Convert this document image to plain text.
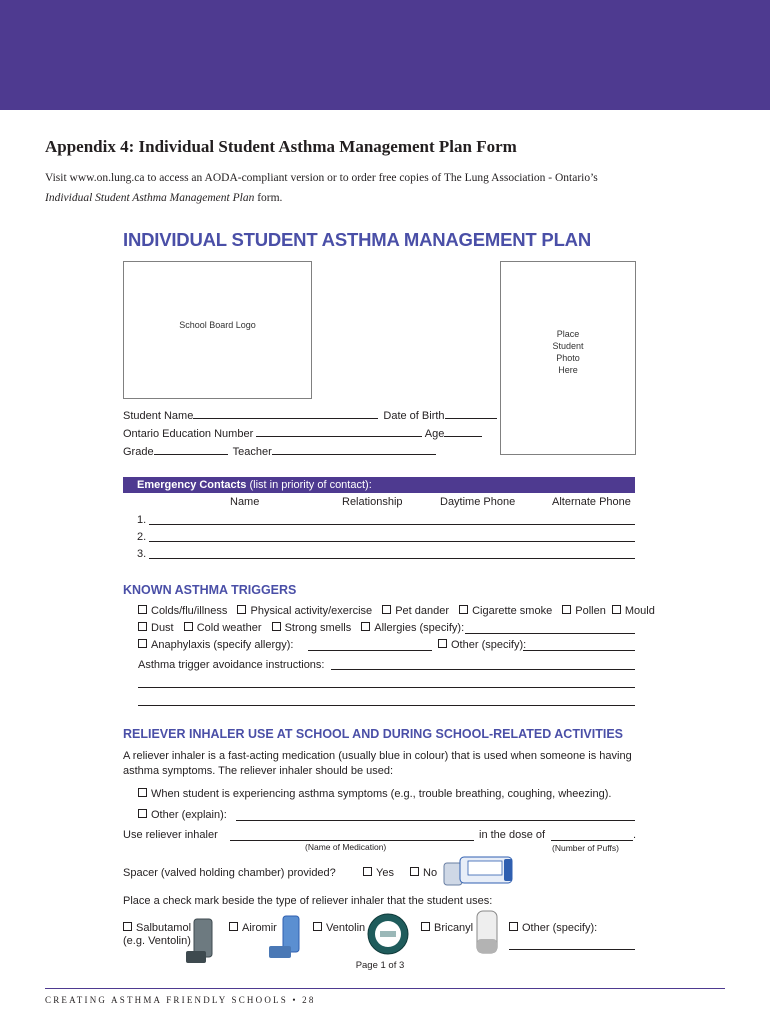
Appendix 4: Individual Student Asthma Management Plan Form
Visit www.on.lung.ca to access an AODA-compliant version or to order free copies of The Lung Association - Ontario’s
Individual Student Asthma Management Plan form.
INDIVIDUAL STUDENT ASTHMA MANAGEMENT PLAN
School Board Logo
Place
Student
Photo
Here
Student Name	Date of Birth
Ontario Education Number	Age
Grade	Teacher
Emergency Contacts (list in priority of contact):
Name	Relationship	Daytime Phone	Alternate Phone
1.
2.
3.
KNOWN ASTHMA TRIGGERS
Colds/flu/illness Physical activity/exercise Pet dander Cigarette smoke Pollen Mould
Dust Cold weather Strong smells Allergies (specify):
Anaphylaxis (specify allergy):	Other (specify):
Asthma trigger avoidance instructions:
RELIEVER INHALER USE AT SCHOOL AND DURING SCHOOL-RELATED ACTIVITIES
A reliever inhaler is a fast-acting medication (usually blue in colour) that is used when someone is having asthma symptoms. The reliever inhaler should be used:
When student is experiencing asthma symptoms (e.g., trouble breathing, coughing, wheezing).
Other (explain):
Use reliever inhaler	in the dose of	.
(Name of Medication)	(Number of Puffs)
Spacer (valved holding chamber) provided?	Yes	No
Place a check mark beside the type of reliever inhaler that the student uses:
Salbutamol
(e.g. Ventolin)
Airomir	Ventolin	Bricanyl	Other (specify):
Page 1 of 3
CREATING ASTHMA FRIENDLY SCHOOLS • 28
